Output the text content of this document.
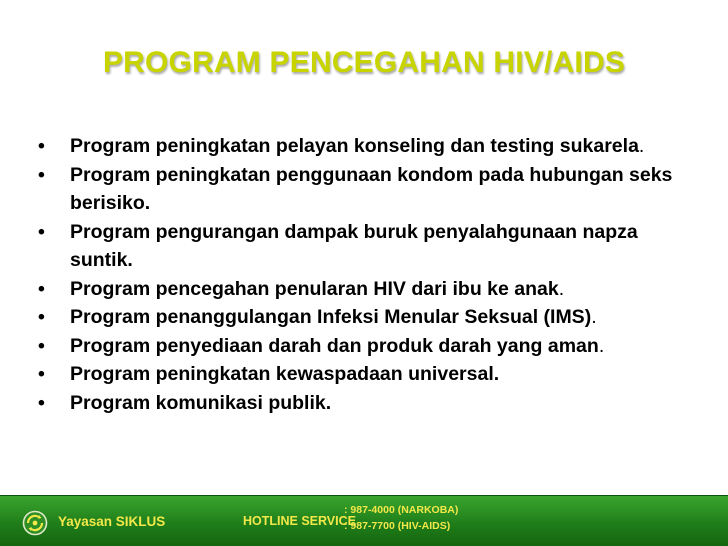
PROGRAM PENCEGAHAN HIV/AIDS
• Program peningkatan pelayan konseling dan testing sukarela.
• Program peningkatan penggunaan kondom pada hubungan seks berisiko.
• Program pengurangan dampak buruk penyalahgunaan napza suntik.
• Program pencegahan penularan HIV dari ibu ke anak.
• Program penanggulangan Infeksi Menular Seksual (IMS).
• Program penyediaan darah dan produk darah yang aman.
• Program peningkatan kewaspadaan universal.
• Program komunikasi publik.
Yayasan SIKLUS	HOTLINE SERVICE
: 987-4000 (NARKOBA)
: 987-7700 (HIV-AIDS)
